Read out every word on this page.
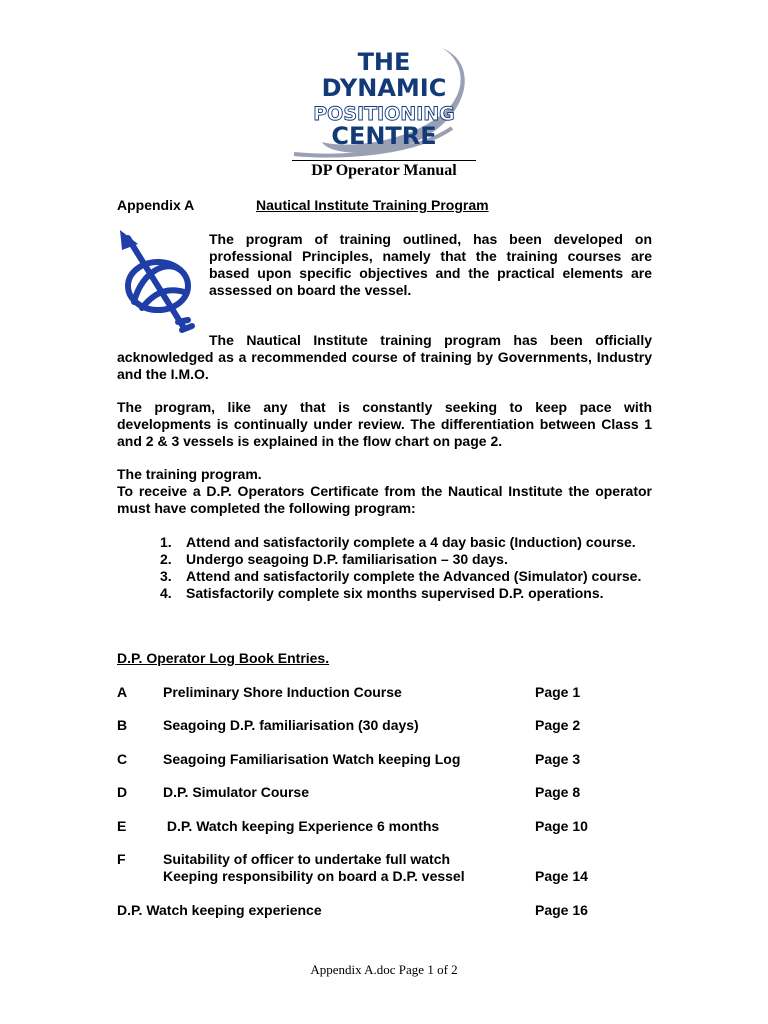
THE
DYNAMIC
POSITIONING
CENTRE
DP Operator Manual
Appendix A	Nautical Institute Training Program

The program of training outlined, has been developed on professional Principles, namely that the training courses are based upon specific objectives and the practical elements are assessed on board the vessel.

The Nautical Institute training program has been officially acknowledged as a recommended course of training by Governments, Industry and the I.M.O.

The program, like any that is constantly seeking to keep pace with developments is continually under review. The differentiation between Class 1 and 2 & 3 vessels is explained in the flow chart on page 2.

The training program.
To receive a D.P. Operators Certificate from the Nautical Institute the operator must have completed the following program:
1. Attend and satisfactorily complete a 4 day basic (Induction) course.
2. Undergo seagoing D.P. familiarisation – 30 days.
3. Attend and satisfactorily complete the Advanced (Simulator) course.
4. Satisfactorily complete six months supervised D.P. operations.
D.P. Operator Log Book Entries.
A	Preliminary Shore Induction Course	Page 1
B	Seagoing D.P. familiarisation (30 days)	Page 2
C	Seagoing Familiarisation Watch keeping Log	Page 3
D	D.P. Simulator Course	Page 8
E	D.P. Watch keeping Experience 6 months	Page 10
F	Suitability of officer to undertake full watch
Keeping responsibility on board a D.P. vessel	Page 14
D.P. Watch keeping experience	Page 16
Appendix A.doc Page 1 of 2
